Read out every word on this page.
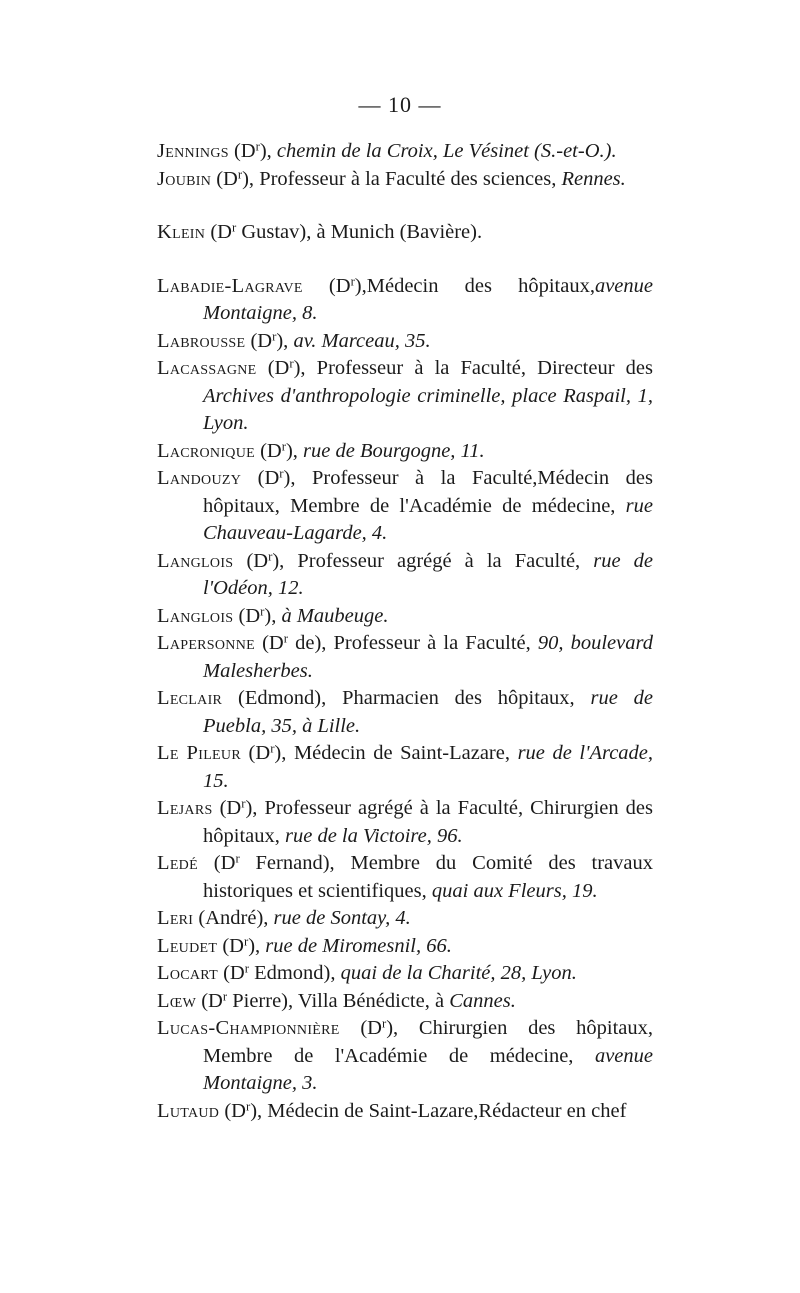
— 10 —
Jennings $(D^r)$, chemin de la Croix, Le Vésinet (S.-et-O.).
Joubin $(D^r)$, Professeur à la Faculté des sciences, Rennes.
Klein ($D^r$ Gustav), à Munich (Bavière).
Labadie-Lagrave $(D^r),Médecin$ des hôpitaux,avenue Montaigne, 8.
Labrousse $(D^r)$, av. Marceau, 35.
Lacassagne $(D^r)$, Professeur à la Faculté, Directeur des Archives d'anthropologie criminelle, place Raspail, 1, Lyon.
Lacronique $(D^r)$, rue de Bourgogne, 11.
Landouzy $(D^r)$, Professeur à la Faculté,Médecin des hôpitaux, Membre de l'Académie de médecine, rue Chauveau-Lagarde, 4.
Langlois $(D^r)$, Professeur agrégé à la Faculté, rue de l'Odéon, 12.
Langlois $(D^r)$, à Maubeuge.
Lapersonne ($D^r$ de), Professeur à la Faculté, 90, boulevard Malesherbes.
Leclair (Edmond), Pharmacien des hôpitaux, rue de Puebla, 35, à Lille.
Le Pileur $(D^r)$, Médecin de Saint-Lazare, rue de l'Arcade, 15.
Lejars $(D^r)$, Professeur agrégé à la Faculté, Chirurgien des hôpitaux, rue de la Victoire, 96.
Ledé ($D^r$ Fernand), Membre du Comité des travaux historiques et scientifiques, quai aux Fleurs, 19.
Leri (André), rue de Sontay, 4.
Leudet $(D^r)$, rue de Miromesnil, 66.
Locart ($D^r$ Edmond), quai de la Charité, 28, Lyon.
Lœw ($D^r$ Pierre), Villa Bénédicte, à Cannes.
Lucas-Championnière $(D^r)$, Chirurgien des hôpitaux, Membre de l'Académie de médecine, avenue Montaigne, 3.
Lutaud $(D^r)$, Médecin de Saint-Lazare,Rédacteur en chef
